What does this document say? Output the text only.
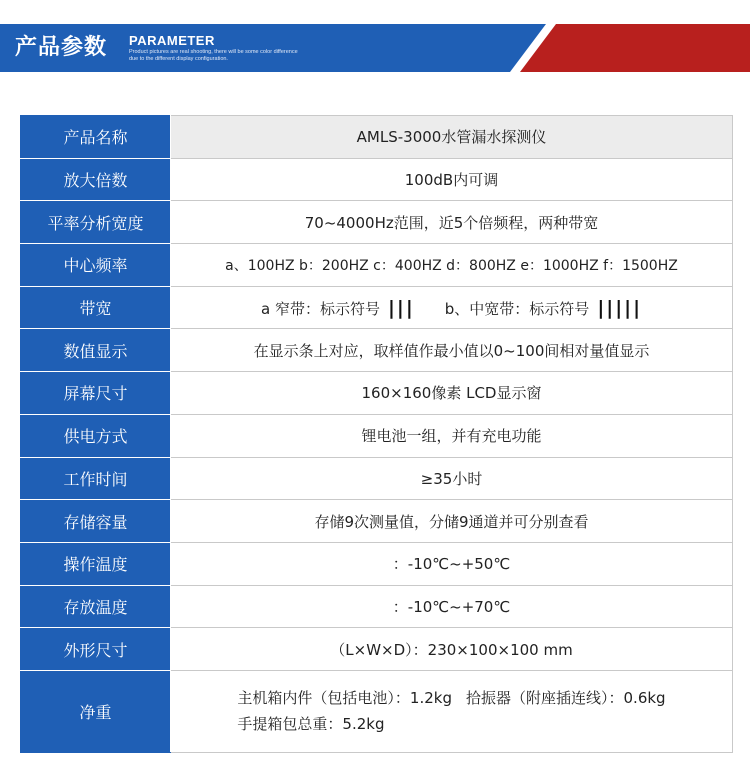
产品参数 PARAMETER
Product pictures are real shooting, there will be some color difference due to the different display configuration.
产品名称	AMLS-3000水管漏水探测仪
放大倍数	100dB内可调
平率分析宽度	70~4000Hz范围，近5个倍频程，两种带宽
中心频率	a、100HZ b：200HZ c：400HZ d：800HZ e：1000HZ f：1500HZ
带宽	a 窄带：标示符号 ||| b、中宽带：标示符号 |||||
数值显示	在显示条上对应，取样值作最小值以0~100间相对量值显示
屏幕尺寸	160×160像素 LCD显示窗
供电方式	锂电池一组，并有充电功能
工作时间	≥35小时
存储容量	存储9次测量值，分储9通道并可分别查看
操作温度	：-10℃~+50℃
存放温度	：-10℃~+70℃
外形尺寸	（L×W×D）：230×100×100 mm
净重	主机箱内件（包括电池）：1.2kg 拾振器（附座插连线）：0.6kg
手提箱包总重：5.2kg
